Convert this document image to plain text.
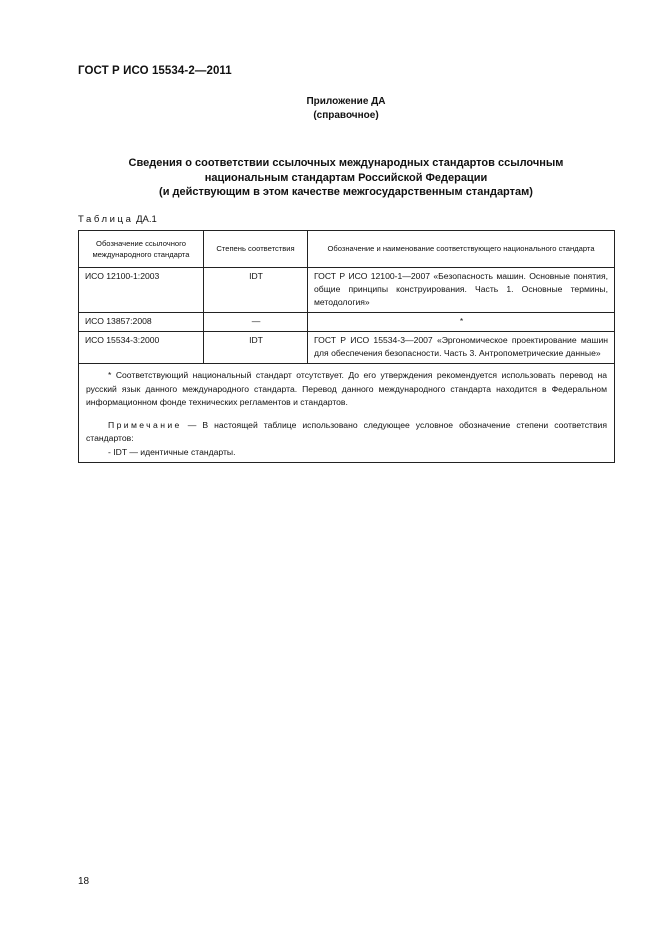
ГОСТ Р ИСО 15534-2—2011
Приложение ДА
(справочное)
Сведения о соответствии ссылочных международных стандартов ссылочным
национальным стандартам Российской Федерации
(и действующим в этом качестве межгосударственным стандартам)
Таблица ДА.1
Обозначение ссылочного международного стандарта	Степень соответствия	Обозначение и наименование соответствующего национального стандарта
ИСО 12100-1:2003	IDT	ГОСТ Р ИСО 12100-1—2007 «Безопасность машин. Основные понятия, общие принципы конструирования. Часть 1. Основные термины, методология»
ИСО 13857:2008	—	*
ИСО 15534-3:2000	IDT	ГОСТ Р ИСО 15534-3—2007 «Эргономическое проектирование машин для обеспечения безопасности. Часть 3. Антропометрические данные»

* Соответствующий национальный стандарт отсутствует. До его утверждения рекомендуется использовать перевод на русский язык данного международного стандарта. Перевод данного международного стандарта находится в Федеральном информационном фонде технических регламентов и стандартов.

Примечание — В настоящей таблице использовано следующее условное обозначение степени соответствия стандартов:

- IDT — идентичные стандарты.		

18
